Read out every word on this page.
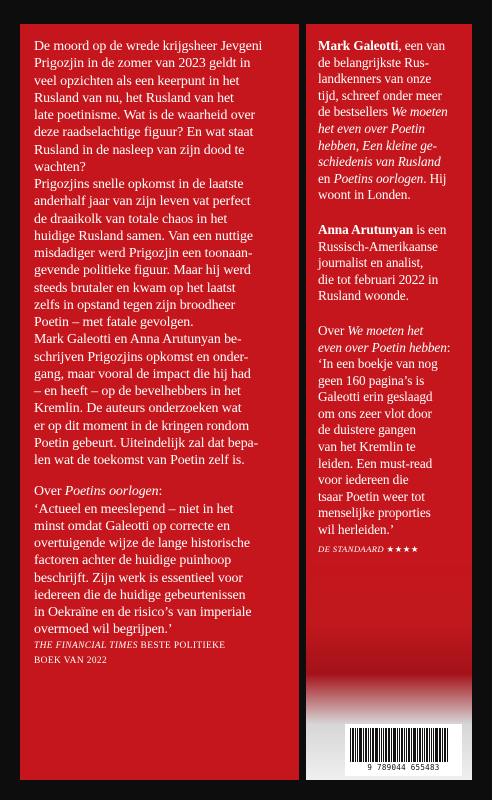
De moord op de wrede krijgsheer Jevgeni
Prigozjin in de zomer van 2023 geldt in
veel opzichten als een keerpunt in het
Rusland van nu, het Rusland van het
late poetinisme. Wat is de waarheid over
deze raadselachtige figuur? En wat staat
Rusland in de nasleep van zijn dood te
wachten?

Prigozjins snelle opkomst in de laatste
anderhalf jaar van zijn leven vat perfect
de draaikolk van totale chaos in het
huidige Rusland samen. Van een nuttige
misdadiger werd Prigozjin een toonaan-
gevende politieke figuur. Maar hij werd
steeds brutaler en kwam op het laatst
zelfs in opstand tegen zijn broodheer
Poetin – met fatale gevolgen.

Mark Galeotti en Anna Arutunyan be-
schrijven Prigozjins opkomst en onder-
gang, maar vooral de impact die hij had
– en heeft – op de bevelhebbers in het
Kremlin. De auteurs onderzoeken wat
er op dit moment in de kringen rondom
Poetin gebeurt. Uiteindelijk zal dat bepa-
len wat de toekomst van Poetin zelf is.

Over Poetins oorlogen:

‘Actueel en meeslepend – niet in het
minst omdat Galeotti op correcte en
overtuigende wijze de lange historische
factoren achter de huidige puinhoop
beschrijft. Zijn werk is essentieel voor
iedereen die de huidige gebeurtenissen
in Oekraïne en de risico’s van imperiale
overmoed wil begrijpen.’

THE FINANCIAL TIMES BESTE POLITIEKE
BOEK VAN 2022

Mark Galeotti, een van
de belangrijkste Rus-
landkenners van onze
tijd, schreef onder meer
de bestsellers We moeten
het even over Poetin
hebben, Een kleine ge-
schiedenis van Rusland
en Poetins oorlogen. Hij
woont in Londen.

Anna Arutunyan is een
Russisch-Amerikaanse
journalist en analist,
die tot februari 2022 in
Rusland woonde.

Over We moeten het
even over Poetin hebben:

‘In een boekje van nog
geen 160 pagina’s is
Galeotti erin geslaagd
om ons zeer vlot door
de duistere gangen
van het Kremlin te
leiden. Een must-read
voor iedereen die
tsaar Poetin weer tot
menselijke proporties
wil herleiden.’

DE STANDAARD ★★★★

9 789044 655483
